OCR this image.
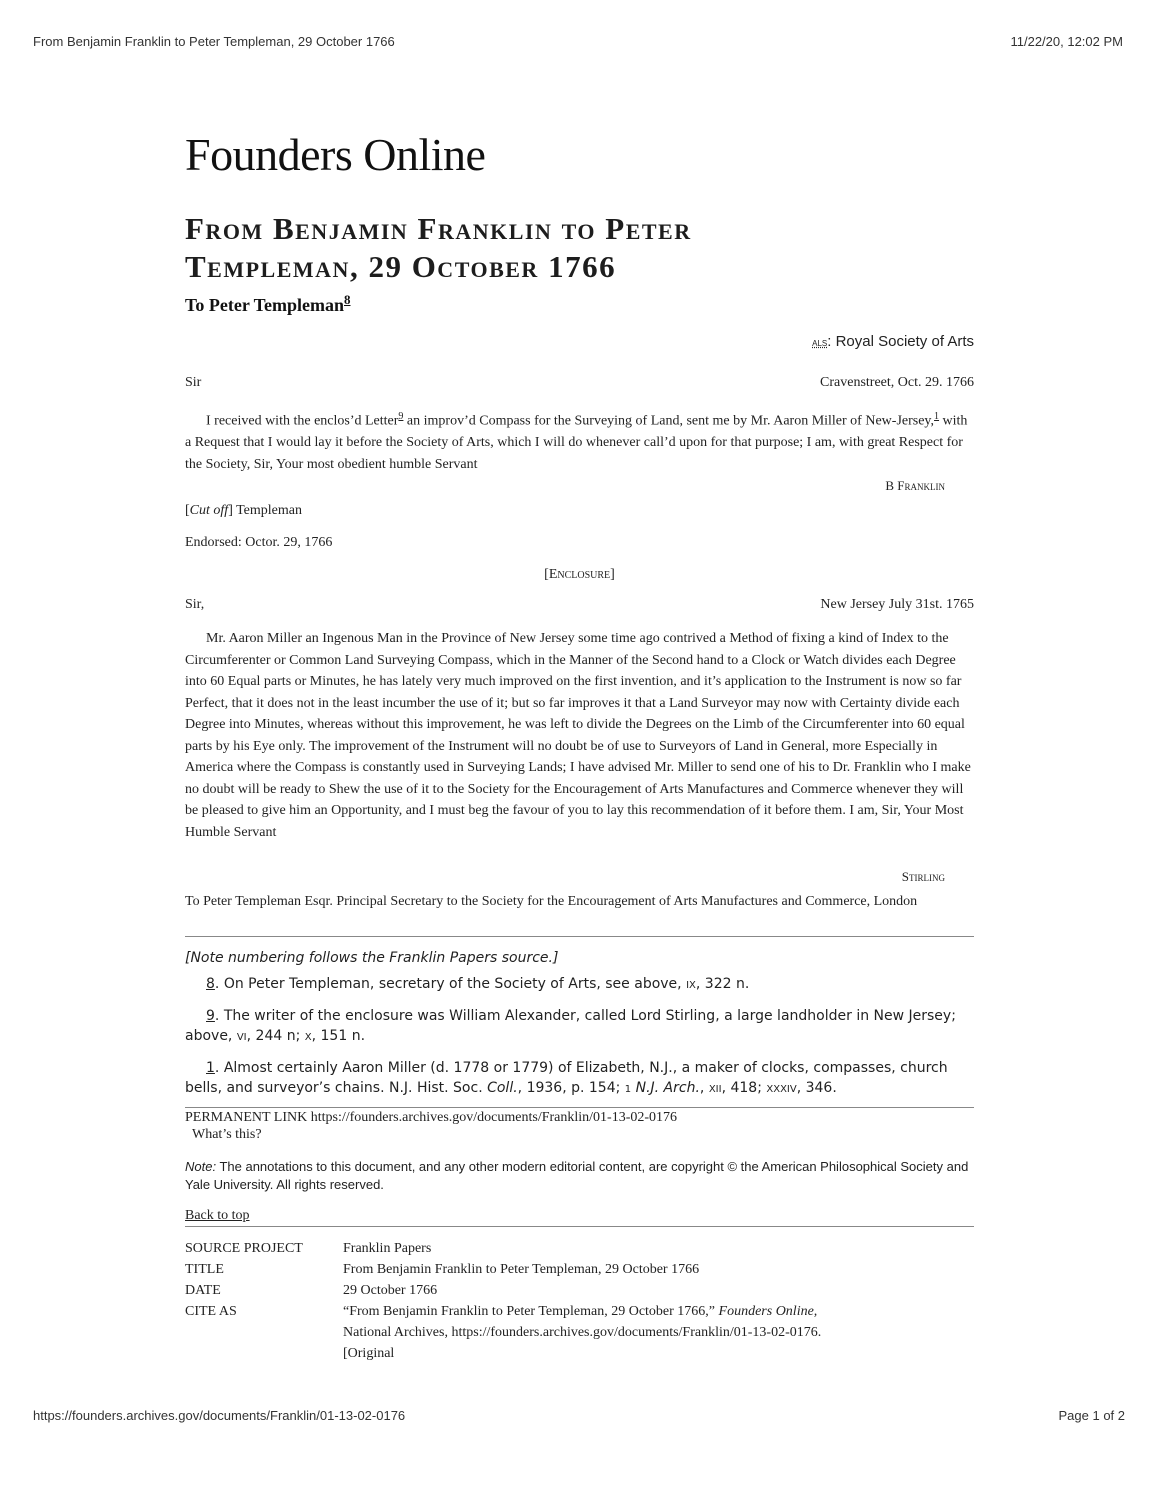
From Benjamin Franklin to Peter Templeman, 29 October 1766	11/22/20, 12:02 PM
Founders Online
From Benjamin Franklin to Peter
Templeman, 29 October 1766
To Peter Templeman$^8$
als: Royal Society of Arts
Sir	Cravenstreet, Oct. 29. 1766
I received with the enclos’d Letter$^9$ an improv’d Compass for the Surveying of Land, sent me by Mr. Aaron Miller of New-Jersey,$^1$ with a Request that I would lay it before the Society of Arts, which I will do whenever call’d upon for that purpose; I am, with great Respect for the Society, Sir, Your most obedient humble Servant
B Franklin
[Cut off] Templeman
Endorsed: Octor. 29, 1766
[Enclosure]
Sir,	New Jersey July 31st. 1765
Mr. Aaron Miller an Ingenous Man in the Province of New Jersey some time ago contrived a Method of fixing a kind of Index to the Circumferenter or Common Land Surveying Compass, which in the Manner of the Second hand to a Clock or Watch divides each Degree into 60 Equal parts or Minutes, he has lately very much improved on the first invention, and it’s application to the Instrument is now so far Perfect, that it does not in the least incumber the use of it; but so far improves it that a Land Surveyor may now with Certainty divide each Degree into Minutes, whereas without this improvement, he was left to divide the Degrees on the Limb of the Circumferenter into 60 equal parts by his Eye only. The improvement of the Instrument will no doubt be of use to Surveyors of Land in General, more Especially in America where the Compass is constantly used in Surveying Lands; I have advised Mr. Miller to send one of his to Dr. Franklin who I make no doubt will be ready to Shew the use of it to the Society for the Encouragement of Arts Manufactures and Commerce whenever they will be pleased to give him an Opportunity, and I must beg the favour of you to lay this recommendation of it before them. I am, Sir, Your Most Humble Servant
Stirling
To Peter Templeman Esqr. Principal Secretary to the Society for the Encouragement of Arts Manufactures and Commerce, London
[Note numbering follows the Franklin Papers source.]
8. On Peter Templeman, secretary of the Society of Arts, see above, ix, 322 n.
9. The writer of the enclosure was William Alexander, called Lord Stirling, a large landholder in New Jersey; above, vi, 244 n; x, 151 n.
1. Almost certainly Aaron Miller (d. 1778 or 1779) of Elizabeth, N.J., a maker of clocks, compasses, church bells, and surveyor’s chains. N.J. Hist. Soc. Coll., 1936, p. 154; 1 N.J. Arch., xii, 418; xxxiv, 346.
PERMANENT LINK https://founders.archives.gov/documents/Franklin/01-13-02-0176
What’s this?
Note: The annotations to this document, and any other modern editorial content, are copyright © the American Philosophical Society and Yale University. All rights reserved.
Back to top
SOURCE PROJECT	Franklin Papers
TITLE	From Benjamin Franklin to Peter Templeman, 29 October 1766
DATE	29 October 1766
CITE AS	“From Benjamin Franklin to Peter Templeman, 29 October 1766,” Founders Online, National Archives, https://founders.archives.gov/documents/Franklin/01-13-02-0176. [Original
https://founders.archives.gov/documents/Franklin/01-13-02-0176	Page 1 of 2
